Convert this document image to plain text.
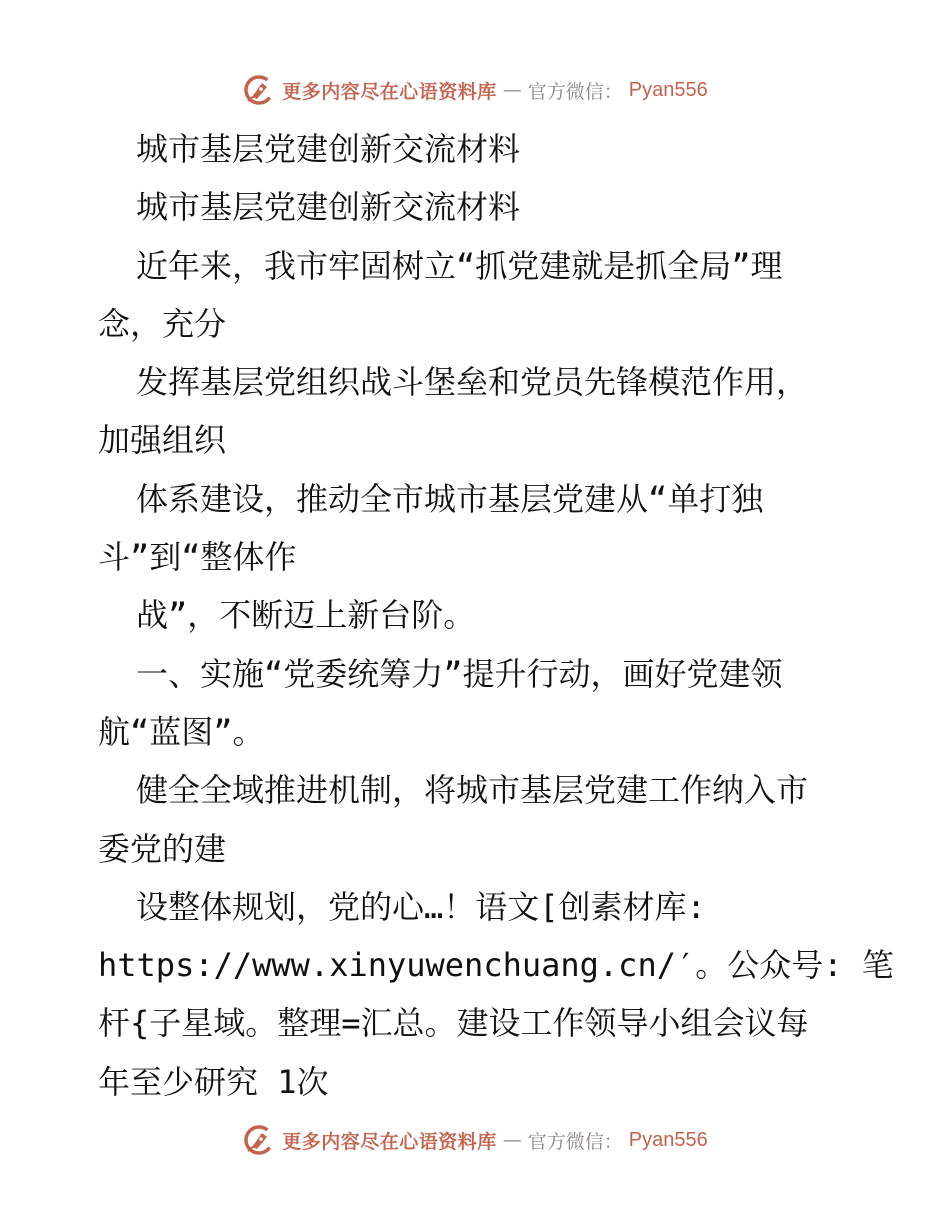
更多内容尽在心语资料库 — 官方微信： Pyan556
城市基层党建创新交流材料
城市基层党建创新交流材料
近年来，我市牢固树立“抓党建就是抓全局”理
念，充分
发挥基层党组织战斗堡垒和党员先锋模范作用，
加强组织
体系建设，推动全市城市基层党建从“单打独
斗”到“整体作
战”，不断迈上新台阶。
一、实施“党委统筹力”提升行动，画好党建领
航“蓝图”。
健全全域推进机制，将城市基层党建工作纳入市
委党的建
设整体规划，党的心…！语文[创素材库:
https://www.xinyuwenchuang.cn/′。公众号: 笔
杆{子星域。整理=汇总。建设工作领导小组会议每
年至少研究 1次
更多内容尽在心语资料库 — 官方微信： Pyan556
